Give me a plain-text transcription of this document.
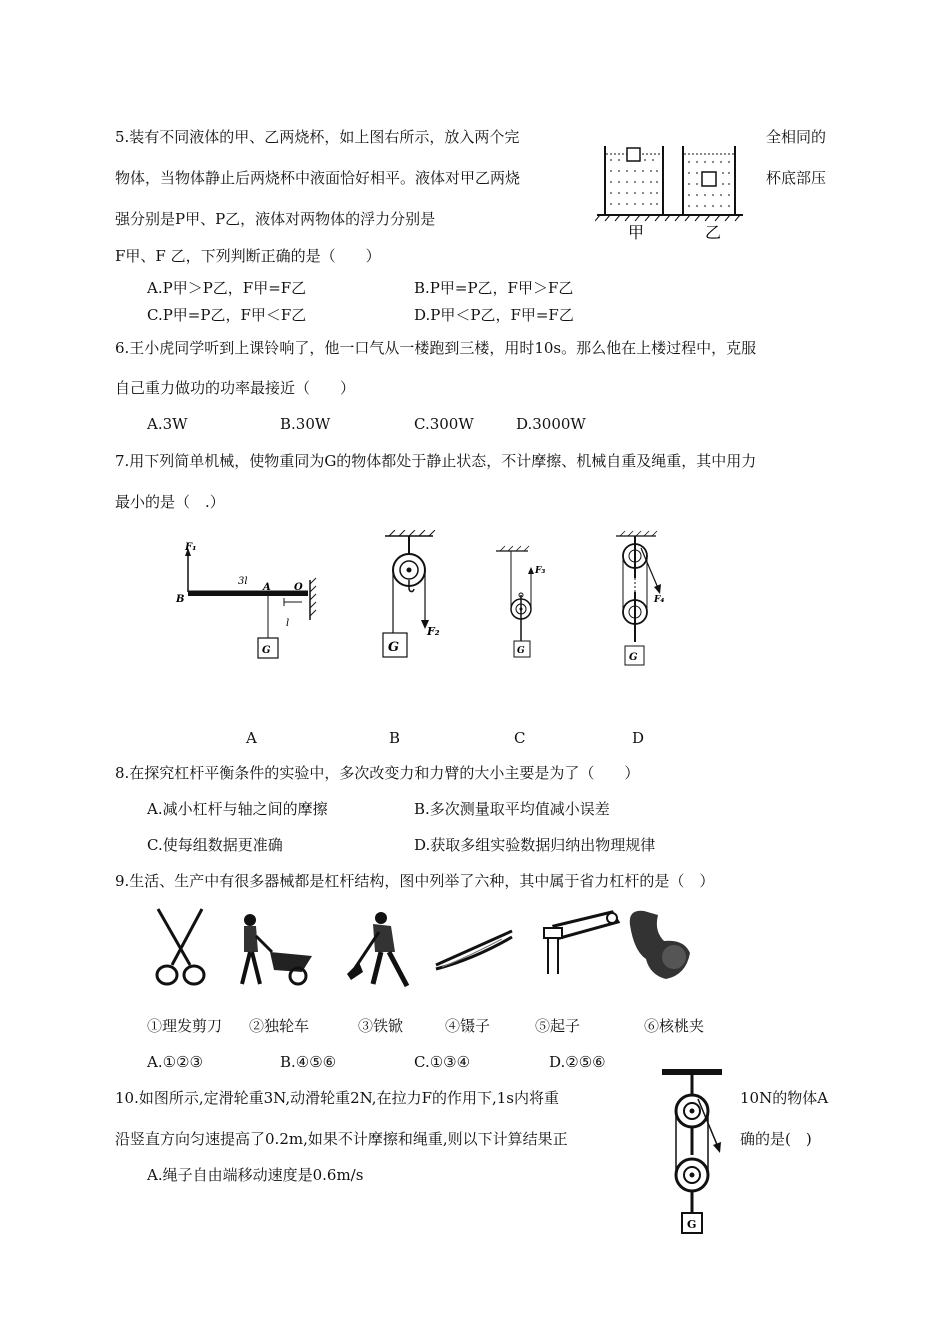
5.装有不同液体的甲、乙两烧杯，如上图右所示，放入两个完	全相同的
物体，当物体静止后两烧杯中液面恰好相平。液体对甲乙两烧	杯底部压
强分别是P甲、P乙，液体对两物体的浮力分别是
F甲、F 乙，下列判断正确的是（　　）
A.P甲＞P乙，F甲=F乙	B.P甲=P乙，F甲＞F乙
C.P甲=P乙，F甲＜F乙	D.P甲＜P乙，F甲=F乙
甲	乙
6.王小虎同学听到上课铃响了，他一口气从一楼跑到三楼，用时10s。那么他在上楼过程中，克服
自己重力做功的功率最接近（　　）
A.3W	B.30W	C.300W	D.3000W
7.用下列简单机械，使物重同为G的物体都处于静止状态，不计摩擦、机械自重及绳重，其中用力
最小的是（　.）
F₁
3l
B
A O
l
G
F₂
G
F₃
G
F₄
G
A	B	C	D
8.在探究杠杆平衡条件的实验中，多次改变力和力臂的大小主要是为了（　　）
A.减小杠杆与轴之间的摩擦	B.多次测量取平均值减小误差
C.使每组数据更准确	D.获取多组实验数据归纳出物理规律
9.生活、生产中有很多器械都是杠杆结构，图中列举了六种，其中属于省力杠杆的是（　）
①理发剪刀 ②独轮车	③铁锨	④镊子	⑤起子	⑥核桃夹
A.①②③	B.④⑤⑥	C.①③④	D.②⑤⑥
10.如图所示,定滑轮重3N,动滑轮重2N,在拉力F的作用下,1s内将重	10N的物体A
沿竖直方向匀速提高了0.2m,如果不计摩擦和绳重,则以下计算结果正	确的是(　)
A.绳子自由端移动速度是0.6m/s
G
